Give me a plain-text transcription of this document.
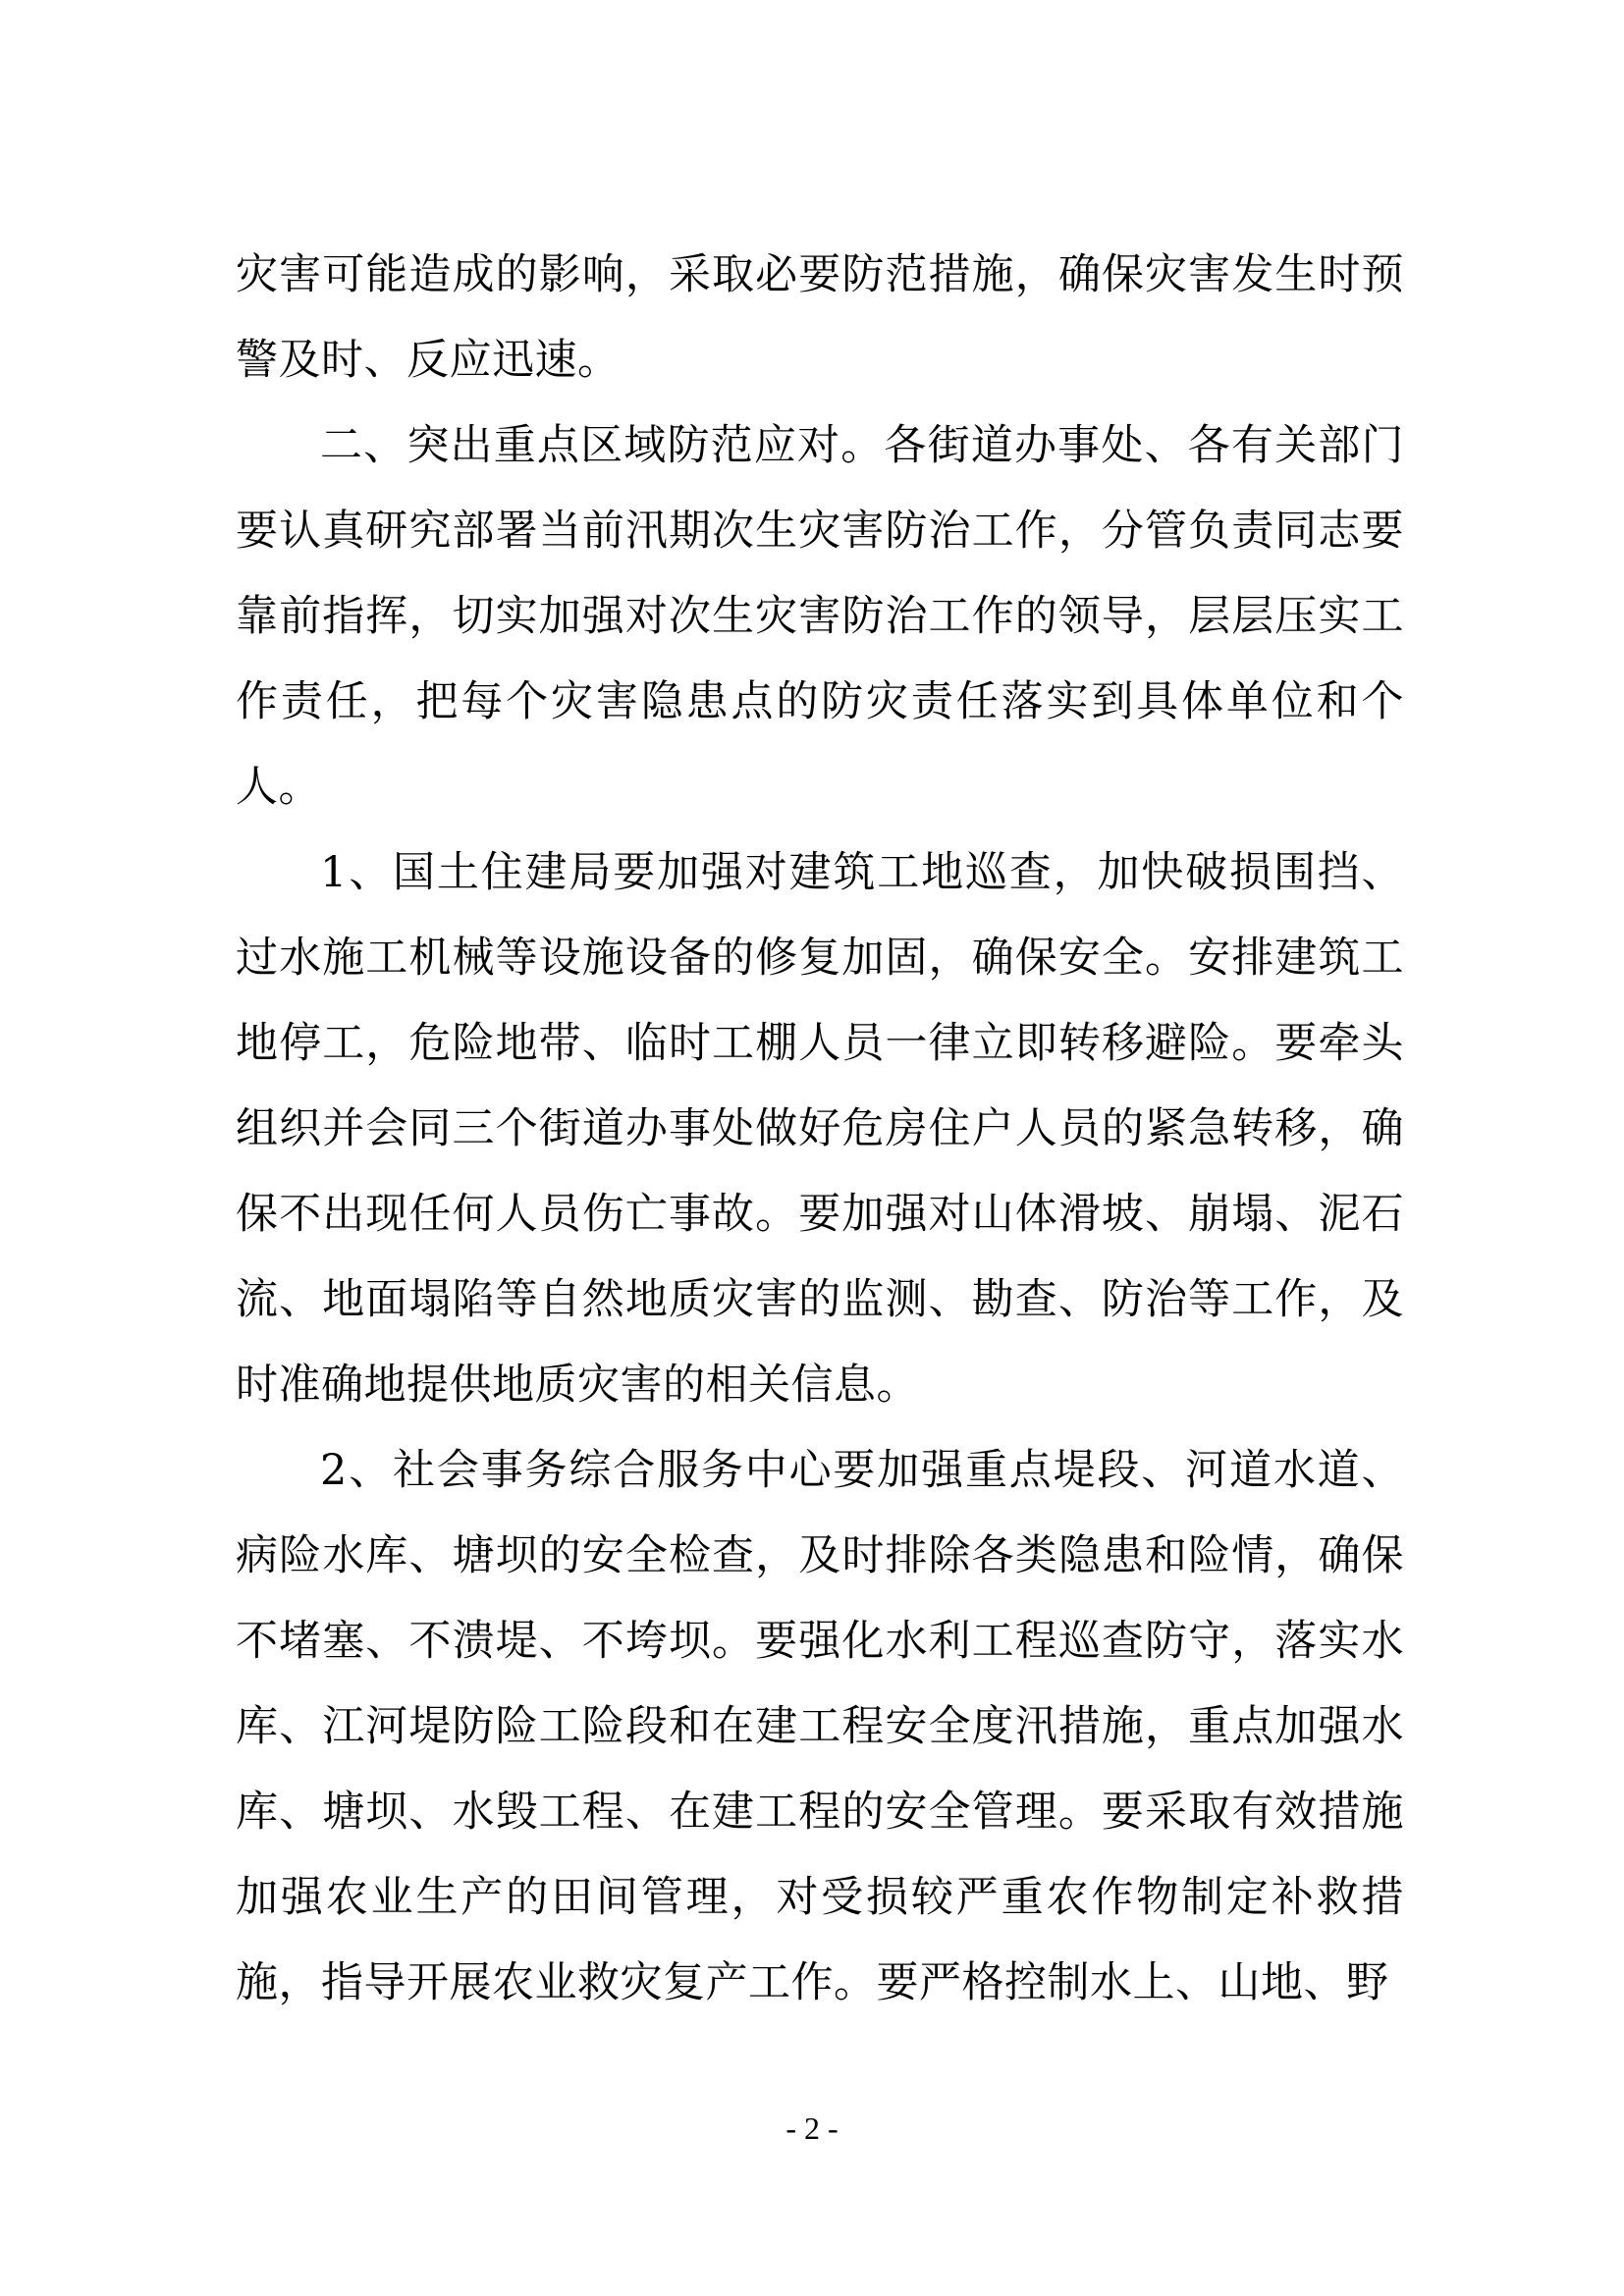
灾害可能造成的影响，采取必要防范措施，确保灾害发生时预警及时、反应迅速。

二、突出重点区域防范应对。各街道办事处、各有关部门要认真研究部署当前汛期次生灾害防治工作，分管负责同志要靠前指挥，切实加强对次生灾害防治工作的领导，层层压实工作责任，把每个灾害隐患点的防灾责任落实到具体单位和个人。

1、国土住建局要加强对建筑工地巡查，加快破损围挡、过水施工机械等设施设备的修复加固，确保安全。安排建筑工地停工，危险地带、临时工棚人员一律立即转移避险。要牵头组织并会同三个街道办事处做好危房住户人员的紧急转移，确保不出现任何人员伤亡事故。要加强对山体滑坡、崩塌、泥石流、地面塌陷等自然地质灾害的监测、勘查、防治等工作，及时准确地提供地质灾害的相关信息。

2、社会事务综合服务中心要加强重点堤段、河道水道、病险水库、塘坝的安全检查，及时排除各类隐患和险情，确保不堵塞、不溃堤、不垮坝。要强化水利工程巡查防守，落实水库、江河堤防险工险段和在建工程安全度汛措施，重点加强水库、塘坝、水毁工程、在建工程的安全管理。要采取有效措施加强农业生产的田间管理，对受损较严重农作物制定补救措施，指导开展农业救灾复产工作。要严格控制水上、山地、野

- 2 -
